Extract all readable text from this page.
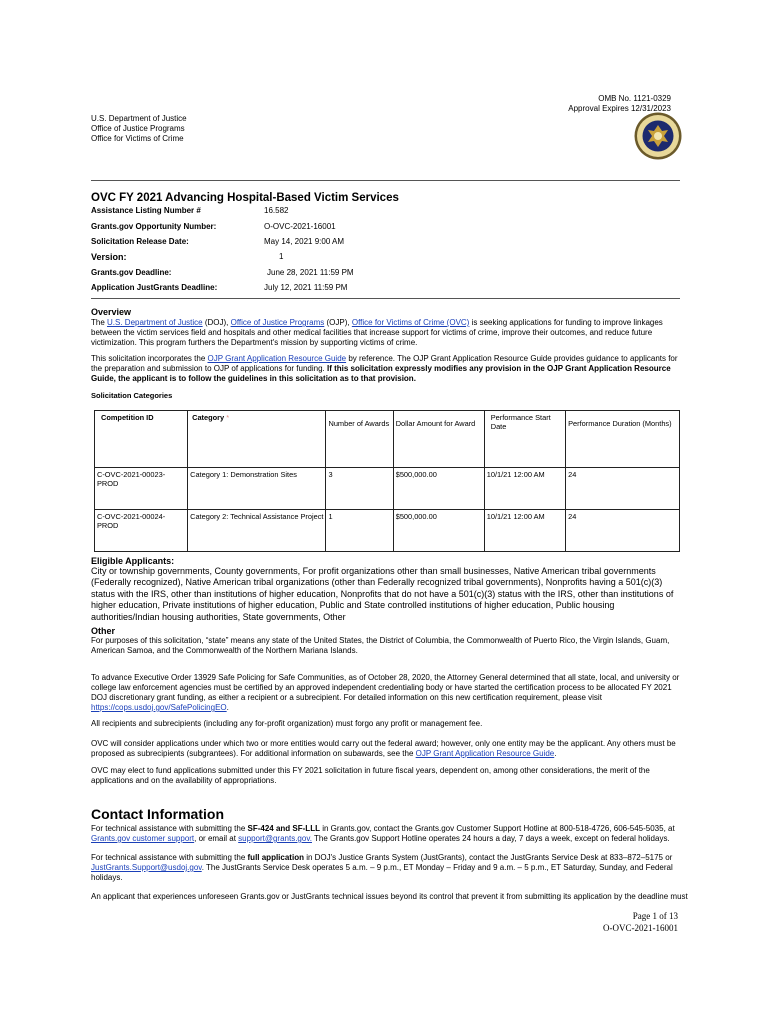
OMB No. 1121-0329
Approval Expires 12/31/2023
U.S. Department of Justice
Office of Justice Programs
Office for Victims of Crime
OVC FY 2021 Advancing Hospital-Based Victim Services
Assistance Listing Number #	16.582
Grants.gov Opportunity Number:	O-OVC-2021-16001
Solicitation Release Date:	May 14, 2021 9:00 AM
Version:	1
Grants.gov Deadline:	June 28, 2021 11:59 PM
Application JustGrants Deadline:	July 12, 2021 11:59 PM
Overview

The U.S. Department of Justice (DOJ), Office of Justice Programs (OJP), Office for Victims of Crime (OVC) is seeking applications for funding to improve linkages between the victim services field and hospitals and other medical facilities that increase support for victims of crime, improve their outcomes, and reduce future victimization. This program furthers the Department's mission by supporting victims of crime.

This solicitation incorporates the OJP Grant Application Resource Guide by reference. The OJP Grant Application Resource Guide provides guidance to applicants for the preparation and submission to OJP of applications for funding. If this solicitation expressly modifies any provision in the OJP Grant Application Resource Guide, the applicant is to follow the guidelines in this solicitation as to that provision.

Solicitation Categories
Competition ID	Category *	Number of Awards	Dollar Amount for Award	Performance Start Date	Performance Duration (Months)
C-OVC-2021-00023-PROD	Category 1: Demonstration Sites	3	$500,000.00	10/1/21 12:00 AM	24
C-OVC-2021-00024-PROD	Category 2: Technical Assistance Project	1	$500,000.00	10/1/21 12:00 AM	24
Eligible Applicants:

City or township governments, County governments, For profit organizations other than small businesses, Native American tribal governments (Federally recognized), Native American tribal organizations (other than Federally recognized tribal governments), Nonprofits having a 501(c)(3) status with the IRS, other than institutions of higher education, Nonprofits that do not have a 501(c)(3) status with the IRS, other than institutions of higher education, Private institutions of higher education, Public and State controlled institutions of higher education, Public housing authorities/Indian housing authorities, State governments, Other

Other

For purposes of this solicitation, “state” means any state of the United States, the District of Columbia, the Commonwealth of Puerto Rico, the Virgin Islands, Guam, American Samoa, and the Commonwealth of the Northern Mariana Islands.

To advance Executive Order 13929 Safe Policing for Safe Communities, as of October 28, 2020, the Attorney General determined that all state, local, and university or college law enforcement agencies must be certified by an approved independent credentialing body or have started the certification process to be allocated FY 2021 DOJ discretionary grant funding, as either a recipient or a subrecipient. For detailed information on this new certification requirement, please visit https://cops.usdoj.gov/SafePolicingEO.

All recipients and subrecipients (including any for-profit organization) must forgo any profit or management fee.

OVC will consider applications under which two or more entities would carry out the federal award; however, only one entity may be the applicant. Any others must be proposed as subrecipients (subgrantees). For additional information on subawards, see the OJP Grant Application Resource Guide.

OVC may elect to fund applications submitted under this FY 2021 solicitation in future fiscal years, dependent on, among other considerations, the merit of the applications and on the availability of appropriations.

Contact Information

For technical assistance with submitting the SF-424 and SF-LLL in Grants.gov, contact the Grants.gov Customer Support Hotline at 800-518-4726, 606-545-5035, at Grants.gov customer support, or email at support@grants.gov. The Grants.gov Support Hotline operates 24 hours a day, 7 days a week, except on federal holidays.

For technical assistance with submitting the full application in DOJ's Justice Grants System (JustGrants), contact the JustGrants Service Desk at 833–872–5175 or JustGrants.Support@usdoj.gov. The JustGrants Service Desk operates 5 a.m. – 9 p.m., ET Monday – Friday and 9 a.m. – 5 p.m., ET Saturday, Sunday, and Federal holidays.

An applicant that experiences unforeseen Grants.gov or JustGrants technical issues beyond its control that prevent it from submitting its application by the deadline must

Page 1 of 13
O-OVC-2021-16001
